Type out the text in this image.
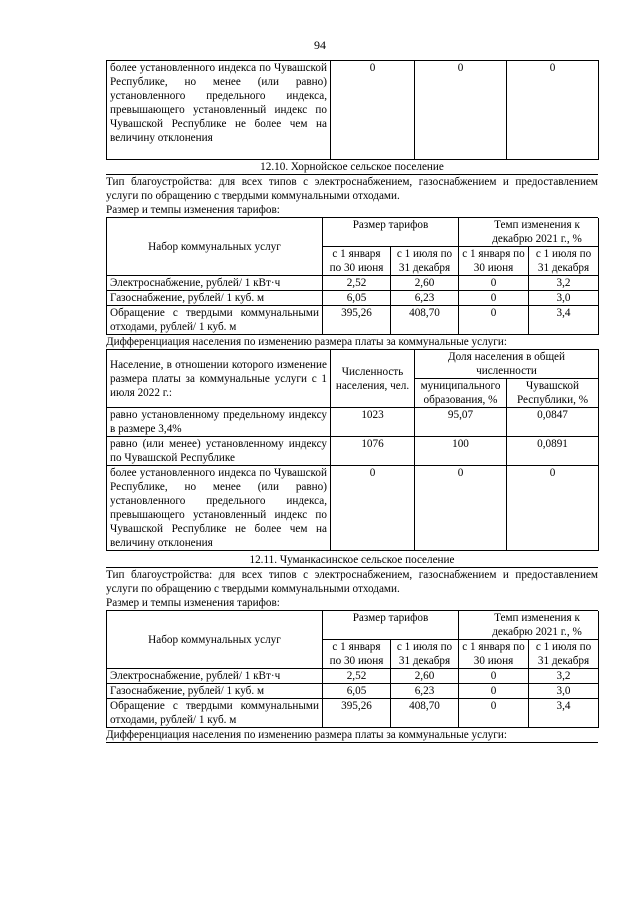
94
более установленного индекса по Чувашской Республике, но менее (или равно) установленного предельного индекса, превышающего установленный индекс по Чувашской Республике не более чем на величину отклонения	0	0	0
12.10. Хорнойское сельское поселение
Тип благоустройства: для всех типов с электроснабжением, газоснабжением и предоставлением услуги по обращению с твердыми коммунальными отходами.
Размер и темпы изменения тарифов:
Набор коммунальных услуг	Размер тарифов		Темп изменения к декабрю 2021 г., %	
	с 1 января по 30 июня	с 1 июля по 31 декабря	с 1 января по 30 июня	с 1 июля по 31 декабря
Электроснабжение, рублей/ 1 кВт·ч	2,52	2,60	0	3,2
Газоснабжение, рублей/ 1 куб. м	6,05	6,23	0	3,0
Обращение с твердыми коммунальными отходами, рублей/ 1 куб. м	395,26	408,70	0	3,4
Дифференциация населения по изменению размера платы за коммунальные услуги:
Население, в отношении которого изменение размера платы за коммунальные услуги с 1 июля 2022 г.:	Численность населения, чел.	Доля населения в общей численности	
		муниципального образования, %	Чувашской Республики, %
равно установленному предельному индексу в размере 3,4%	1023	95,07	0,0847
равно (или менее) установленному индексу по Чувашской Республике	1076	100	0,0891
более установленного индекса по Чувашской Республике, но менее (или равно) установленного предельного индекса, превышающего установленный индекс по Чувашской Республике не более чем на величину отклонения	0	0	0
12.11. Чуманкасинское сельское поселение
Тип благоустройства: для всех типов с электроснабжением, газоснабжением и предоставлением услуги по обращению с твердыми коммунальными отходами.
Размер и темпы изменения тарифов:
Набор коммунальных услуг	Размер тарифов		Темп изменения к декабрю 2021 г., %	
	с 1 января по 30 июня	с 1 июля по 31 декабря	с 1 января по 30 июня	с 1 июля по 31 декабря
Электроснабжение, рублей/ 1 кВт·ч	2,52	2,60	0	3,2
Газоснабжение, рублей/ 1 куб. м	6,05	6,23	0	3,0
Обращение с твердыми коммунальными отходами, рублей/ 1 куб. м	395,26	408,70	0	3,4
Дифференциация населения по изменению размера платы за коммунальные услуги:
